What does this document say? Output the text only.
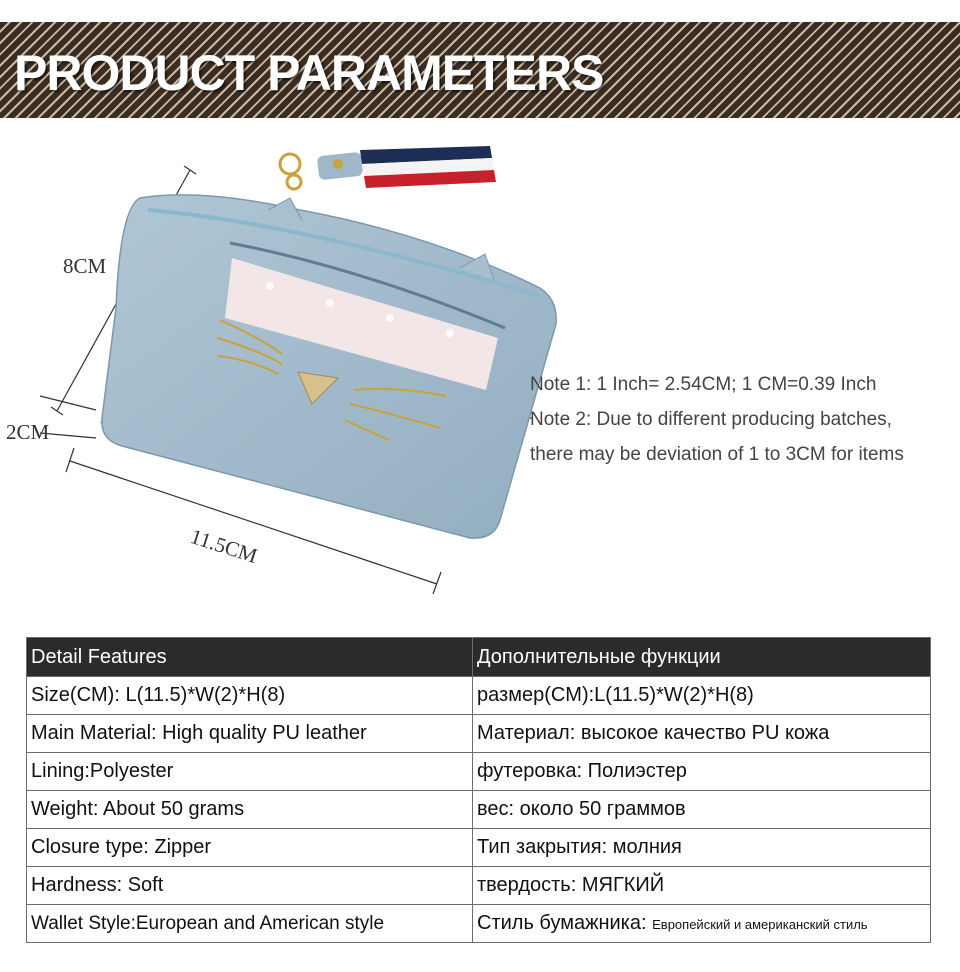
PRODUCT PARAMETERS
8CM
2CM
11.5CM
Note 1: 1 Inch= 2.54CM; 1 CM=0.39 Inch
Note 2: Due to different producing batches,
there may be deviation of 1 to 3CM for items
Detail Features	Дополнительные функции
Size(CM): L(11.5)*W(2)*H(8)	размер(CM):L(11.5)*W(2)*H(8)
Main Material: High quality PU leather	Материал: высокое качество PU кожа
Lining:Polyester	футеровка: Полиэстер
Weight: About 50 grams	вес: около 50 граммов
Closure type: Zipper	Тип закрытия: молния
Hardness: Soft	твердость: МЯГКИЙ
Wallet Style:European and American style	Стиль бумажника: Европейский и американский стиль
